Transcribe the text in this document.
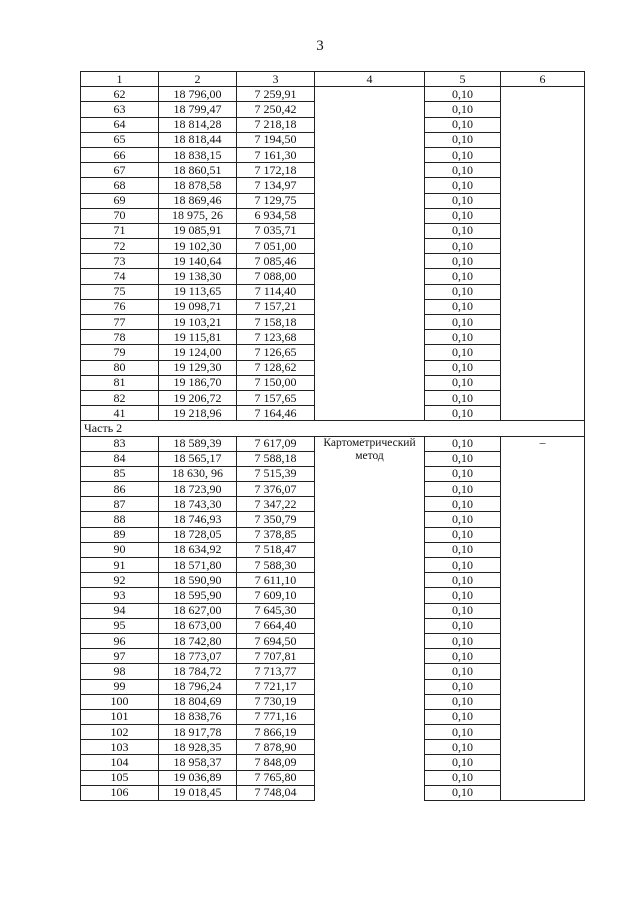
3
1	2	3	4	5	6
62	18 796,00	7 259,91		0,10	
63	18 799,47	7 250,42		0,10	
64	18 814,28	7 218,18		0,10	
65	18 818,44	7 194,50		0,10	
66	18 838,15	7 161,30		0,10	
67	18 860,51	7 172,18		0,10	
68	18 878,58	7 134,97		0,10	
69	18 869,46	7 129,75		0,10	
70	18 975, 26	6 934,58		0,10	
71	19 085,91	7 035,71		0,10	
72	19 102,30	7 051,00		0,10	
73	19 140,64	7 085,46		0,10	
74	19 138,30	7 088,00		0,10	
75	19 113,65	7 114,40		0,10	
76	19 098,71	7 157,21		0,10	
77	19 103,21	7 158,18		0,10	
78	19 115,81	7 123,68		0,10	
79	19 124,00	7 126,65		0,10	
80	19 129,30	7 128,62		0,10	
81	19 186,70	7 150,00		0,10	
82	19 206,72	7 157,65		0,10	
41	19 218,96	7 164,46		0,10	
Часть 2					
83	18 589,39	7 617,09	Картометрический метод	0,10	–
84	18 565,17	7 588,18		0,10	
85	18 630, 96	7 515,39		0,10	
86	18 723,90	7 376,07		0,10	
87	18 743,30	7 347,22		0,10	
88	18 746,93	7 350,79		0,10	
89	18 728,05	7 378,85		0,10	
90	18 634,92	7 518,47		0,10	
91	18 571,80	7 588,30		0,10	
92	18 590,90	7 611,10		0,10	
93	18 595,90	7 609,10		0,10	
94	18 627,00	7 645,30		0,10	
95	18 673,00	7 664,40		0,10	
96	18 742,80	7 694,50		0,10	
97	18 773,07	7 707,81		0,10	
98	18 784,72	7 713,77		0,10	
99	18 796,24	7 721,17		0,10	
100	18 804,69	7 730,19		0,10	
101	18 838,76	7 771,16		0,10	
102	18 917,78	7 866,19		0,10	
103	18 928,35	7 878,90		0,10	
104	18 958,37	7 848,09		0,10	
105	19 036,89	7 765,80		0,10	
106	19 018,45	7 748,04		0,10	
